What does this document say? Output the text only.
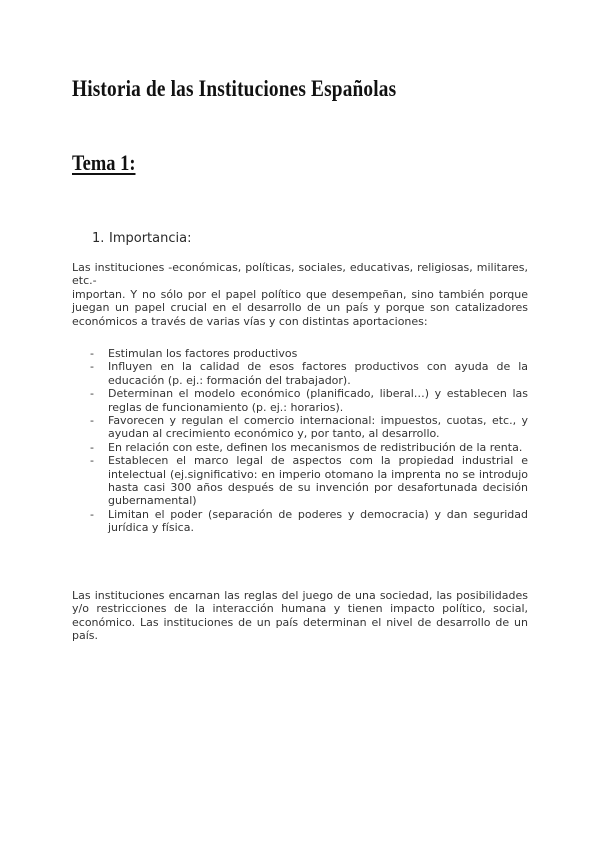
Historia de las Instituciones Españolas
Tema 1:
1. Importancia:
Las instituciones -económicas, políticas, sociales, educativas, religiosas, militares, etc.-
importan. Y no sólo por el papel político que desempeñan, sino también porque juegan un papel crucial en el desarrollo de un país y porque son catalizadores económicos a través de varias vías y con distintas aportaciones:
- Estimulan los factores productivos
- Influyen en la calidad de esos factores productivos con ayuda de la educación (p. ej.: formación del trabajador).
- Determinan el modelo económico (planificado, liberal…) y establecen las reglas de funcionamiento (p. ej.: horarios).
- Favorecen y regulan el comercio internacional: impuestos, cuotas, etc., y ayudan al crecimiento económico y, por tanto, al desarrollo.
- En relación con este, definen los mecanismos de redistribución de la renta.
- Establecen el marco legal de aspectos com la propiedad industrial e intelectual (ej.significativo: en imperio otomano la imprenta no se introdujo hasta casi 300 años después de su invención por desafortunada decisión gubernamental)
- Limitan el poder (separación de poderes y democracia) y dan seguridad jurídica y física.
Las instituciones encarnan las reglas del juego de una sociedad, las posibilidades y/o restricciones de la interacción humana y tienen impacto político, social, económico. Las instituciones de un país determinan el nivel de desarrollo de un país.
